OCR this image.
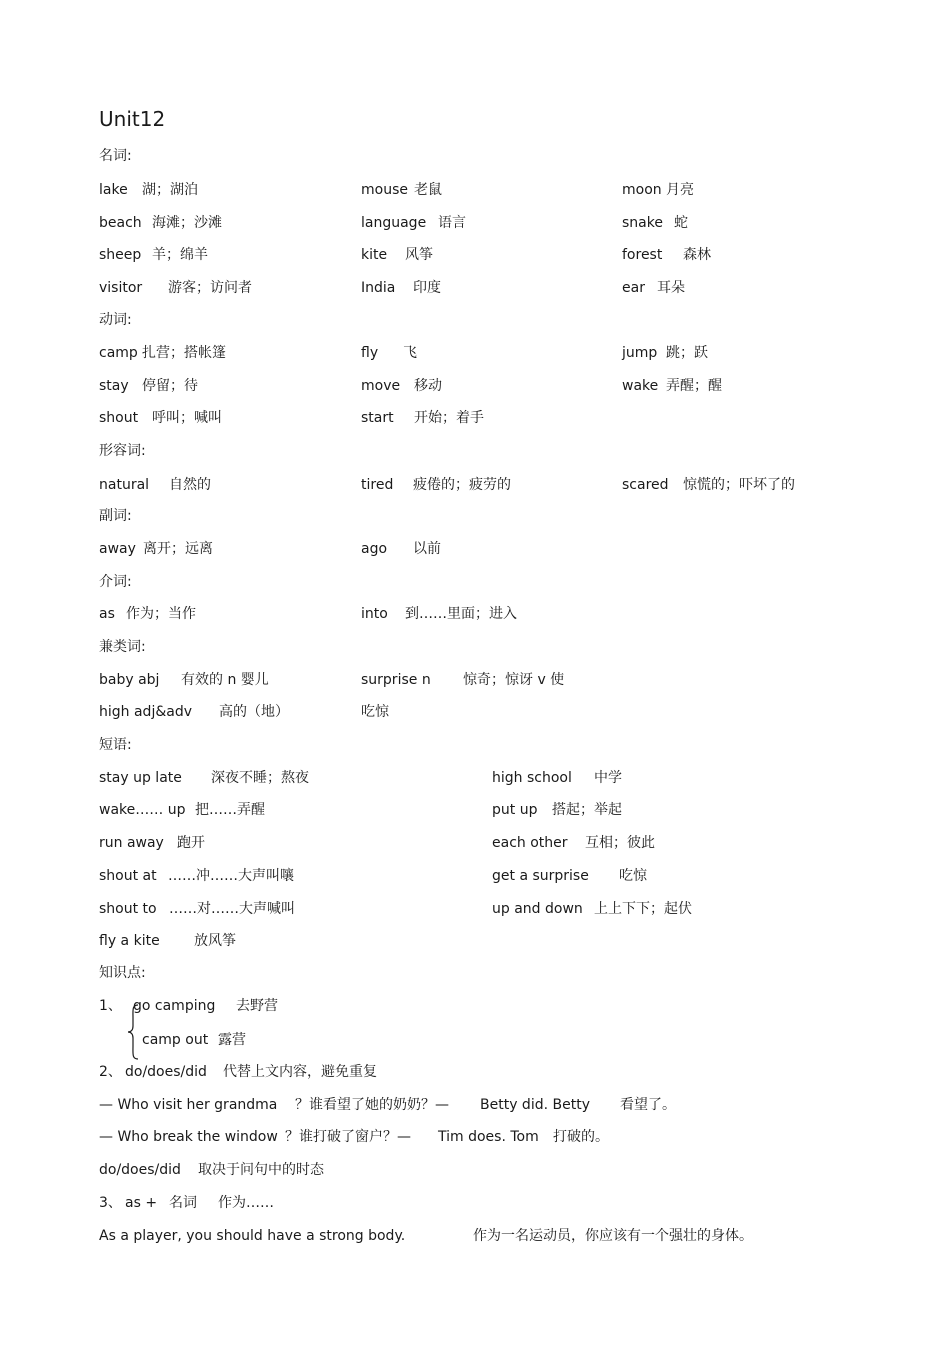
Unit12
名词:
动词:
形容词:
副词:
介词:
兼类词:
baby abj 有效的 n 婴儿	surprise n 惊奇；惊讶 v 使
high adj&adv 高的（地）	吃惊
短语:
知识点:
1、 go camping 去野营
camp out 露营
2、 do/does/did 代替上文内容，避免重复
— Who visit her grandma ？谁看望了她的奶奶？— Betty did. Betty 看望了。
— Who break the window ？谁打破了窗户？— Tim does. Tom 打破的。
do/does/did 取决于问句中的时态
3、 as + 名词 作为……
As a player, you should have a strong body.	作为一名运动员，你应该有一个强壮的身体。
lake 湖；湖泊	mouse 老鼠	moon 月亮
beach 海滩；沙滩	language 语言	snake 蛇
sheep 羊；绵羊	kite 风筝	forest 森林
visitor 游客；访问者	India 印度	ear 耳朵
camp 扎营；搭帐篷	fly 飞	jump 跳；跃
stay 停留；待	move 移动	wake 弄醒；醒
shout 呼叫；喊叫	start 开始；着手
natural 自然的	tired 疲倦的；疲劳的	scared 惊慌的；吓坏了的
away 离开；远离	ago 以前
as 作为；当作	into 到……里面；进入
stay up late 深夜不睡；熬夜	high school 中学
wake…… up 把……弄醒	put up 搭起；举起
run away 跑开	each other 互相；彼此
shout at ……冲……大声叫嚷	get a surprise 吃惊
shout to ……对……大声喊叫	up and down 上上下下；起伏
fly a kite 放风筝
